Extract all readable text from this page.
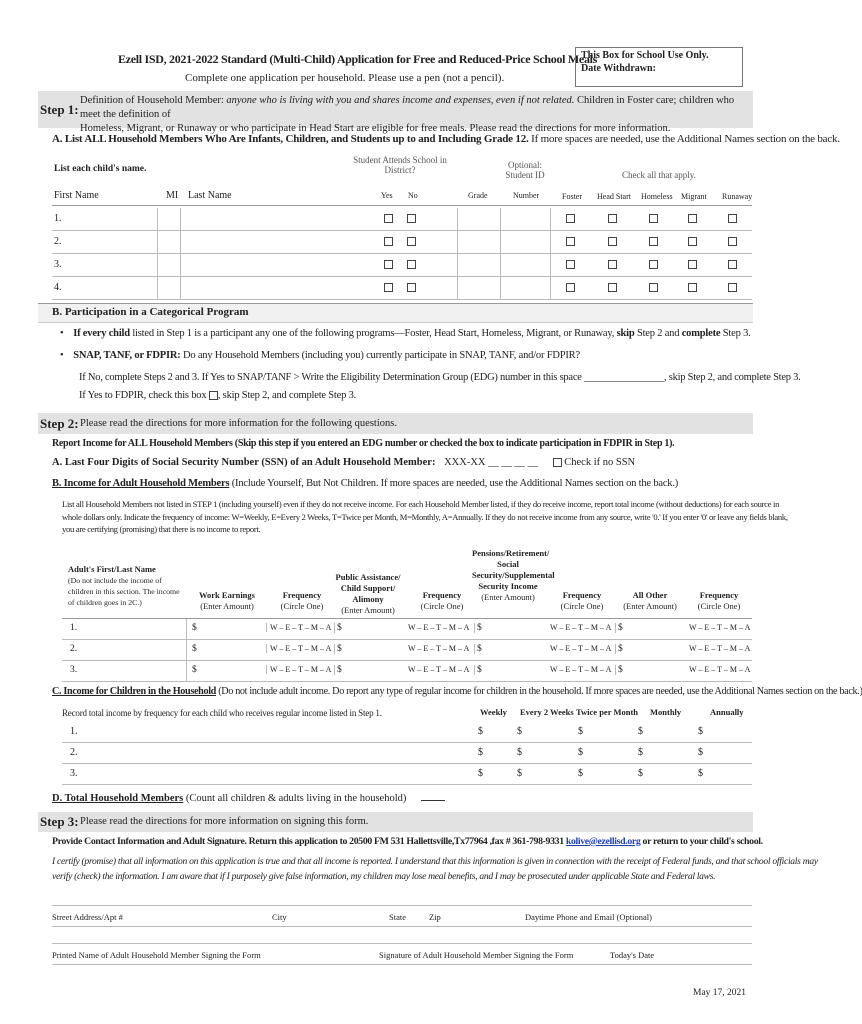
Ezell ISD, 2021-2022 Standard (Multi-Child) Application for Free and Reduced-Price School Meals
Complete one application per household. Please use a pen (not a pencil).
This Box for School Use Only.
Date Withdrawn:
Step 1:
Definition of Household Member: anyone who is living with you and shares income and expenses, even if not related. Children in Foster care; children who meet the definition of
Homeless, Migrant, or Runaway or who participate in Head Start are eligible for free meals. Please read the directions for more information.
A. List ALL Household Members Who Are Infants, Children, and Students up to and Including Grade 12. If more spaces are needed, use the Additional Names section on the back.
List each child's name.
Student Attends School in
District?	Optional:
Student ID	Check all that apply.
First Name	MI Last Name	Yes No	Grade	Number	Foster Head Start Homeless Migrant Runaway
1.
2.
3.
4.
B. Participation in a Categorical Program
•    If every child listed in Step 1 is a participant any one of the following programs—Foster, Head Start, Homeless, Migrant, or Runaway, skip Step 2 and complete Step 3.
•    SNAP, TANF, or FDPIR: Do any Household Members (including you) currently participate in SNAP, TANF, and/or FDPIR?
If No, complete Steps 2 and 3. If Yes to SNAP/TANF > Write the Eligibility Determination Group (EDG) number in this space ________________, skip Step 2, and complete Step 3.
If Yes to FDPIR, check this box , skip Step 2, and complete Step 3.
Step 2: Please read the directions for more information for the following questions.
Report Income for ALL Household Members (Skip this step if you entered an EDG number or checked the box to indicate participation in FDPIR in Step 1).
A. Last Four Digits of Social Security Number (SSN) of an Adult Household Member: XXX-XX __ __ __ __	Check if no SSN
B. Income for Adult Household Members (Include Yourself, But Not Children. If more spaces are needed, use the Additional Names section on the back.)
List all Household Members not listed in STEP 1 (including yourself) even if they do not receive income. For each Household Member listed, if they do receive income, report total income (without deductions) for each source in
whole dollars only. Indicate the frequency of income: W=Weekly, E=Every 2 Weeks, T=Twice per Month, M=Monthly, A=Annually. If they do not receive income from any source, write '0.' If you enter '0' or leave any fields blank,
you are certifying (promising) that there is no income to report.
Adult's First/Last Name
(Do not include the income of children in this section. The income of children goes in 2C.)
Work Earnings
(Enter Amount)
Frequency
(Circle One)
Public Assistance/ Child Support/ Alimony
(Enter Amount)
Frequency
(Circle One)
Pensions/Retirement/ Social Security/Supplemental Security Income
(Enter Amount)	Frequency
(Circle One)
All Other
(Enter Amount)
Frequency
(Circle One)
1.	$	W – E – T – M – A $	W – E – T – M – A $	W – E – T – M – A $	W – E – T – M – A
2.	$	W – E – T – M – A $	W – E – T – M – A $	W – E – T – M – A $	W – E – T – M – A
3.	$	W – E – T – M – A $	W – E – T – M – A $	W – E – T – M – A $	W – E – T – M – A
C. Income for Children in the Household (Do not include adult income. Do report any type of regular income for children in the household. If more spaces are needed, use the Additional Names section on the back.)
Record total income by frequency for each child who receives regular income listed in Step 1.	Weekly Every 2 Weeks Twice per Month Monthly	Annually
1.	$	$	$	$	$
2.	$	$	$	$	$
3.	$	$	$	$	$
D. Total Household Members (Count all children & adults living in the household)
Step 3: Please read the directions for more information on signing this form.
Provide Contact Information and Adult Signature. Return this application to 20500 FM 531 Hallettsville,Tx77964 ,fax # 361-798-9331 kolive@ezellisd.org or return to your child's school.
I certify (promise) that all information on this application is true and that all income is reported. I understand that this information is given in connection with the receipt of Federal funds, and that school officials may
verify (check) the information. I am aware that if I purposely give false information, my children may lose meal benefits, and I may be prosecuted under applicable State and Federal laws.
Street Address/Apt #	City	State	Zip	Daytime Phone and Email (Optional)
Printed Name of Adult Household Member Signing the Form	Signature of Adult Household Member Signing the Form	Today's Date
May 17, 2021
